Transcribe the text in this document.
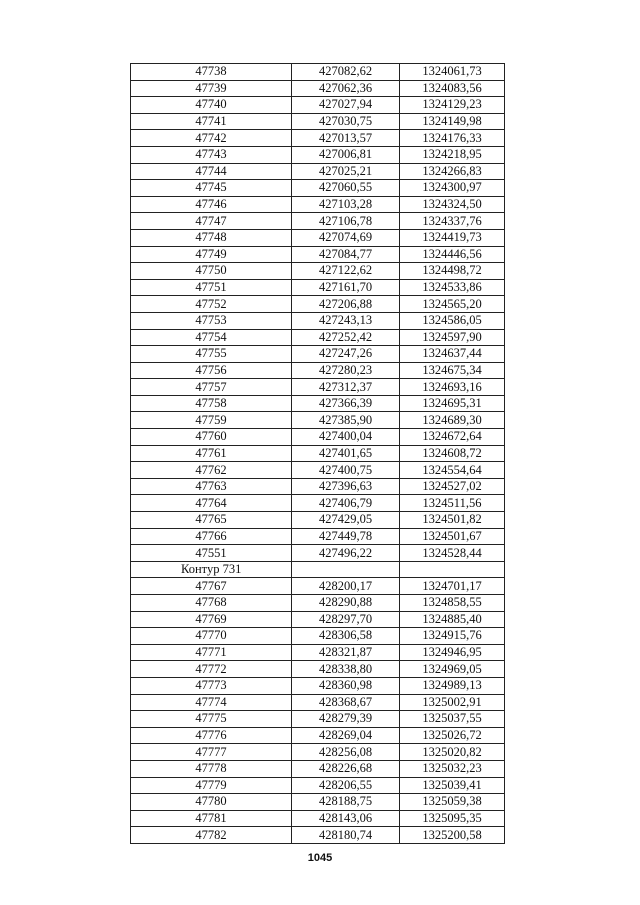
47738	427082,62	1324061,73
47739	427062,36	1324083,56
47740	427027,94	1324129,23
47741	427030,75	1324149,98
47742	427013,57	1324176,33
47743	427006,81	1324218,95
47744	427025,21	1324266,83
47745	427060,55	1324300,97
47746	427103,28	1324324,50
47747	427106,78	1324337,76
47748	427074,69	1324419,73
47749	427084,77	1324446,56
47750	427122,62	1324498,72
47751	427161,70	1324533,86
47752	427206,88	1324565,20
47753	427243,13	1324586,05
47754	427252,42	1324597,90
47755	427247,26	1324637,44
47756	427280,23	1324675,34
47757	427312,37	1324693,16
47758	427366,39	1324695,31
47759	427385,90	1324689,30
47760	427400,04	1324672,64
47761	427401,65	1324608,72
47762	427400,75	1324554,64
47763	427396,63	1324527,02
47764	427406,79	1324511,56
47765	427429,05	1324501,82
47766	427449,78	1324501,67
47551	427496,22	1324528,44
Контур 731		
47767	428200,17	1324701,17
47768	428290,88	1324858,55
47769	428297,70	1324885,40
47770	428306,58	1324915,76
47771	428321,87	1324946,95
47772	428338,80	1324969,05
47773	428360,98	1324989,13
47774	428368,67	1325002,91
47775	428279,39	1325037,55
47776	428269,04	1325026,72
47777	428256,08	1325020,82
47778	428226,68	1325032,23
47779	428206,55	1325039,41
47780	428188,75	1325059,38
47781	428143,06	1325095,35
47782	428180,74	1325200,58
1045
